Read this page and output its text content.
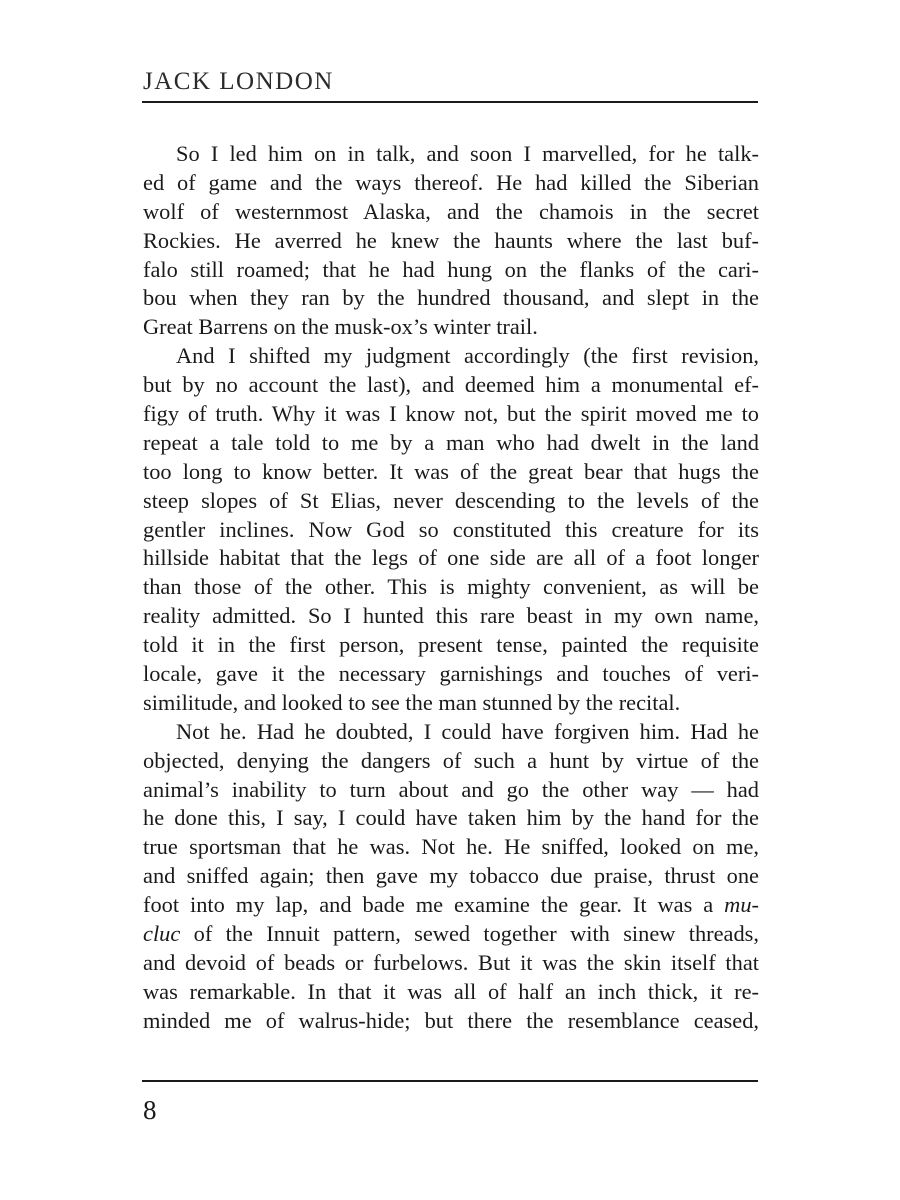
JACK LONDON
So I led him on in talk, and soon I marvelled, for he talk-
ed of game and the ways thereof. He had killed the Siberian
wolf of westernmost Alaska, and the chamois in the secret
Rockies. He averred he knew the haunts where the last buf-
falo still roamed; that he had hung on the flanks of the cari-
bou when they ran by the hundred thousand, and slept in the
Great Barrens on the musk-ox’s winter trail.
And I shifted my judgment accordingly (the first revision,
but by no account the last), and deemed him a monumental ef-
figy of truth. Why it was I know not, but the spirit moved me to
repeat a tale told to me by a man who had dwelt in the land
too long to know better. It was of the great bear that hugs the
steep slopes of St Elias, never descending to the levels of the
gentler inclines. Now God so constituted this creature for its
hillside habitat that the legs of one side are all of a foot longer
than those of the other. This is mighty convenient, as will be
reality admitted. So I hunted this rare beast in my own name,
told it in the first person, present tense, painted the requisite
locale, gave it the necessary garnishings and touches of veri-
similitude, and looked to see the man stunned by the recital.
Not he. Had he doubted, I could have forgiven him. Had he
objected, denying the dangers of such a hunt by virtue of the
animal’s inability to turn about and go the other way — had
he done this, I say, I could have taken him by the hand for the
true sportsman that he was. Not he. He sniffed, looked on me,
and sniffed again; then gave my tobacco due praise, thrust one
foot into my lap, and bade me examine the gear. It was a mu-
cluc of the Innuit pattern, sewed together with sinew threads,
and devoid of beads or furbelows. But it was the skin itself that
was remarkable. In that it was all of half an inch thick, it re-
minded me of walrus-hide; but there the resemblance ceased,
8
